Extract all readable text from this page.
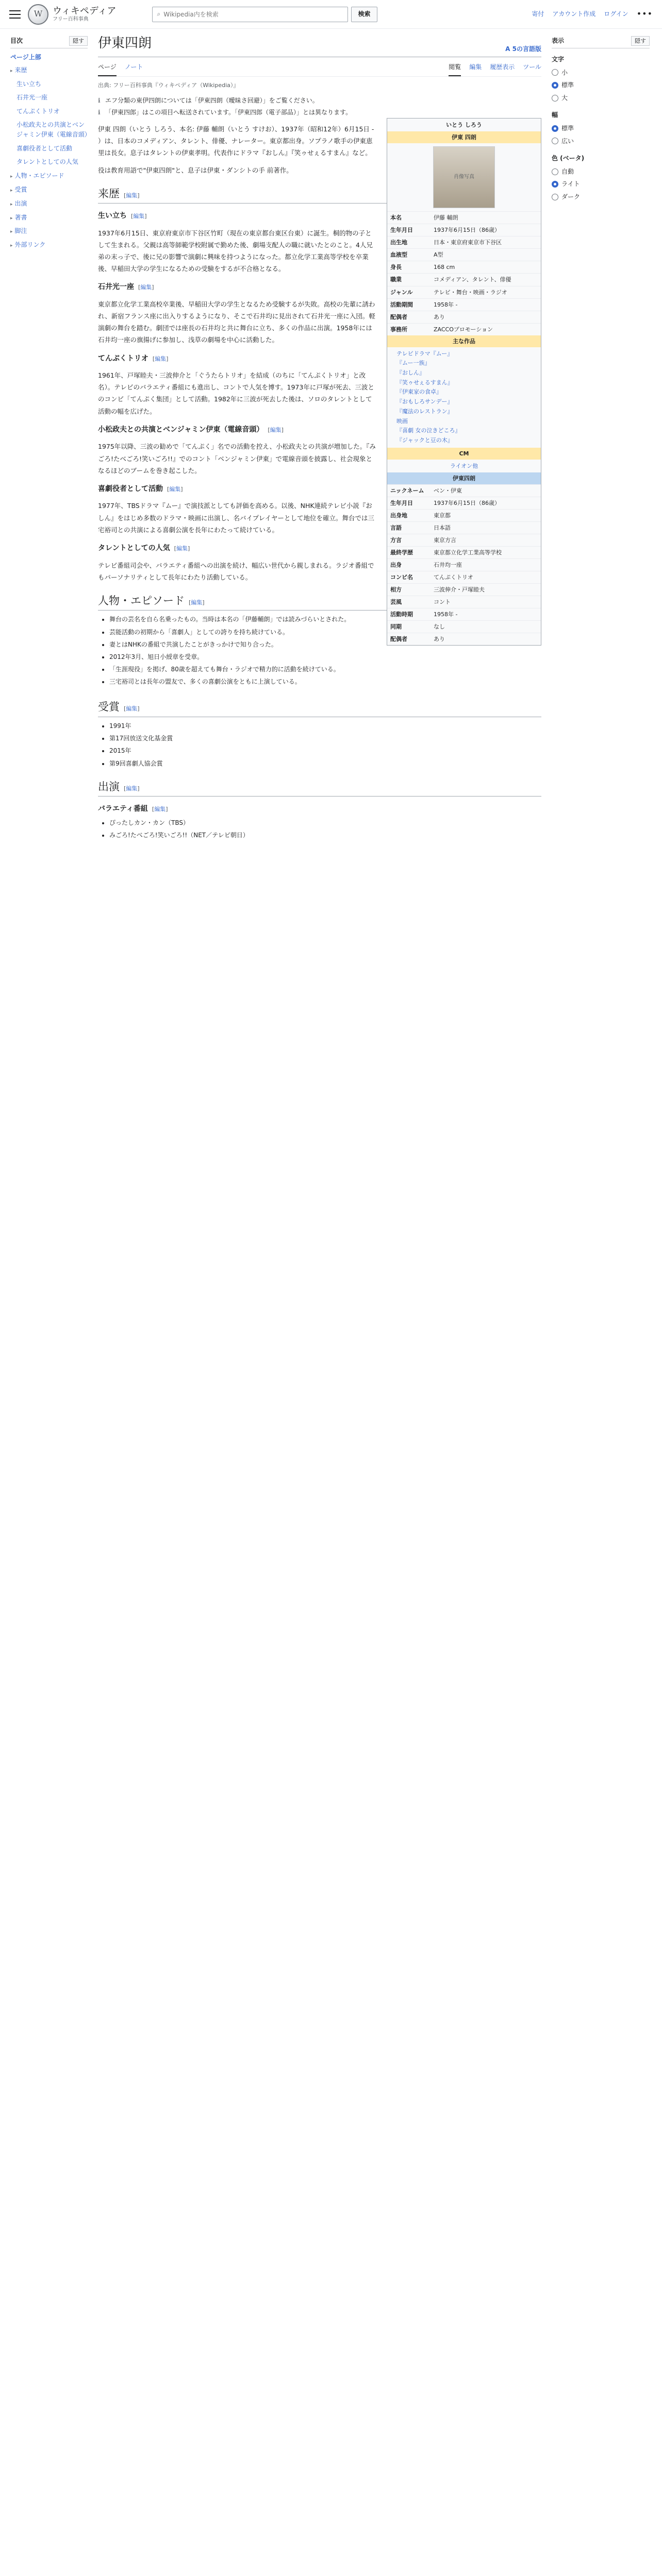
W	ウィキペディア
フリー百科事典
⌕
Wikipedia内を検索	検索	寄付 アカウント作成 ログイン •••
目次	隠す
ページ上部
▸ 来歴
生い立ち
石井光一座
てんぷくトリオ
小松政夫との共演とベンジャミン伊東（電線音頭）
喜劇役者として活動
タレントとしての人気
▸ 人物・エピソード
▸ 受賞
▸ 出演
▸ 著書
▸ 脚注
▸ 外部リンク
伊東四朗	A 5の言語版
ページ ノート	閲覧 編集 履歴表示 ツール
出典: フリー百科事典『ウィキペディア（Wikipedia）』
ℹ エフ分類の東伊四朗については「伊東四朗（曖昧さ回避）」をご覧ください。
ℹ 「伊東四郎」はこの項目へ転送されています。「伊東四郎（電子部品）」とは異なります。
いとう しろう
伊東 四朗
肖像写真
本名	伊藤 輔朗
生年月日	1937年6月15日（86歳）
出生地	日本・東京府東京市下谷区
血液型	A型
身長	168 cm
職業	コメディアン、タレント、俳優
ジャンル	テレビ・舞台・映画・ラジオ
活動期間	1958年 -
配偶者	あり
事務所	ZACCOプロモーション
主な作品
テレビドラマ『ムー』
『ムー一族』
『おしん』
『笑ゥせぇるすまん』
『伊東家の食卓』
『おもしろサンデー』
『魔法のレストラン』
映画
『喜劇 女の泣きどころ』
『ジャックと豆の木』
CM
ライオン他
伊東四朗
ニックネーム	ベン・伊東
生年月日	1937年6月15日（86歳）
出身地	東京都
言語	日本語
方言	東京方言
最終学歴	東京都立化学工業高等学校
出身	石井均一座
コンビ名	てんぷくトリオ
相方	三波伸介・戸塚睦夫
芸風	コント
活動時期	1958年 -
同期	なし
配偶者	あり

伊東 四朗（いとう しろう、本名: 伊藤 輔朗（いとう すけお）、1937年（昭和12年）6月15日 - ）は、日本のコメディアン、タレント、俳優、ナレーター。東京都出身。ソプラノ歌手の伊東恵里は長女。息子はタレントの伊東孝明。代表作にドラマ『おしん』『笑ゥせぇるすまん』など。

役は教育用語で"伊東四朗"と、息子は伊東・ダンシトの手 前著作。

来歴 [編集]
生い立ち [編集]

1937年6月15日、東京府東京市下谷区竹町（現在の東京都台東区台東）に誕生。桐的物の子として生まれる。父親は高等師範学校附属で勤めた後、劇場支配人の職に就いたとのこと。4人兄弟の末っ子で、後に兄の影響で演劇に興味を持つようになった。都立化学工業高等学校を卒業後、早稲田大学の学生になるための受験をするが不合格となる。

石井光一座 [編集]

東京都立化学工業高校卒業後、早稲田大学の学生となるため受験するが失敗。高校の先輩に誘われ、新宿フランス座に出入りするようになり、そこで石井均に見出されて石井光一座に入団。軽演劇の舞台を踏む。劇団では座長の石井均と共に舞台に立ち、多くの作品に出演。1958年には石井均一座の旗揚げに参加し、浅草の劇場を中心に活動した。

てんぷくトリオ [編集]

1961年、戸塚睦夫・三波伸介と「ぐうたらトリオ」を結成（のちに「てんぷくトリオ」と改名）。テレビのバラエティ番組にも進出し、コントで人気を博す。1973年に戸塚が死去、三波とのコンビ「てんぷく集団」として活動。1982年に三波が死去した後は、ソロのタレントとして活動の幅を広げた。

小松政夫との共演とベンジャミン伊東（電線音頭） [編集]

1975年以降、三波の勧めで「てんぷく」名での活動を控え、小松政夫との共演が増加した。『みごろ!たべごろ!笑いごろ!!』でのコント「ベンジャミン伊東」で電線音頭を披露し、社会現象となるほどのブームを巻き起こした。

喜劇役者として活動 [編集]

1977年、TBSドラマ『ムー』で演技派としても評価を高める。以後、NHK連続テレビ小説『おしん』をはじめ多数のドラマ・映画に出演し、名バイプレイヤーとして地位を確立。舞台では三宅裕司との共演による喜劇公演を長年にわたって続けている。

タレントとしての人気 [編集]

テレビ番組司会や、バラエティ番組への出演を続け、幅広い世代から親しまれる。ラジオ番組でもパーソナリティとして長年にわたり活動している。

人物・エピソード [編集]
• 舞台の芸名を自ら名乗ったもの。当時は本名の「伊藤輔朗」では読みづらいとされた。
• 芸能活動の初期から「喜劇人」としての誇りを持ち続けている。
• 妻とはNHKの番組で共演したことがきっかけで知り合った。
• 2012年3月、旭日小綬章を受章。
• 「生涯現役」を掲げ、80歳を超えても舞台・ラジオで精力的に活動を続けている。
• 三宅裕司とは長年の盟友で、多くの喜劇公演をともに上演している。
受賞 [編集]
• 1991年
• 第17回放送文化基金賞
• 2015年
• 第9回喜劇人協会賞
出演 [編集]
バラエティ番組 [編集]
• ぴったしカン・カン（TBS）
• みごろ!たべごろ!笑いごろ!!（NET／テレビ朝日）
表示	隠す
文字
小
標準
大
幅
標準
広い
色 (ベータ)
自動
ライト
ダーク
